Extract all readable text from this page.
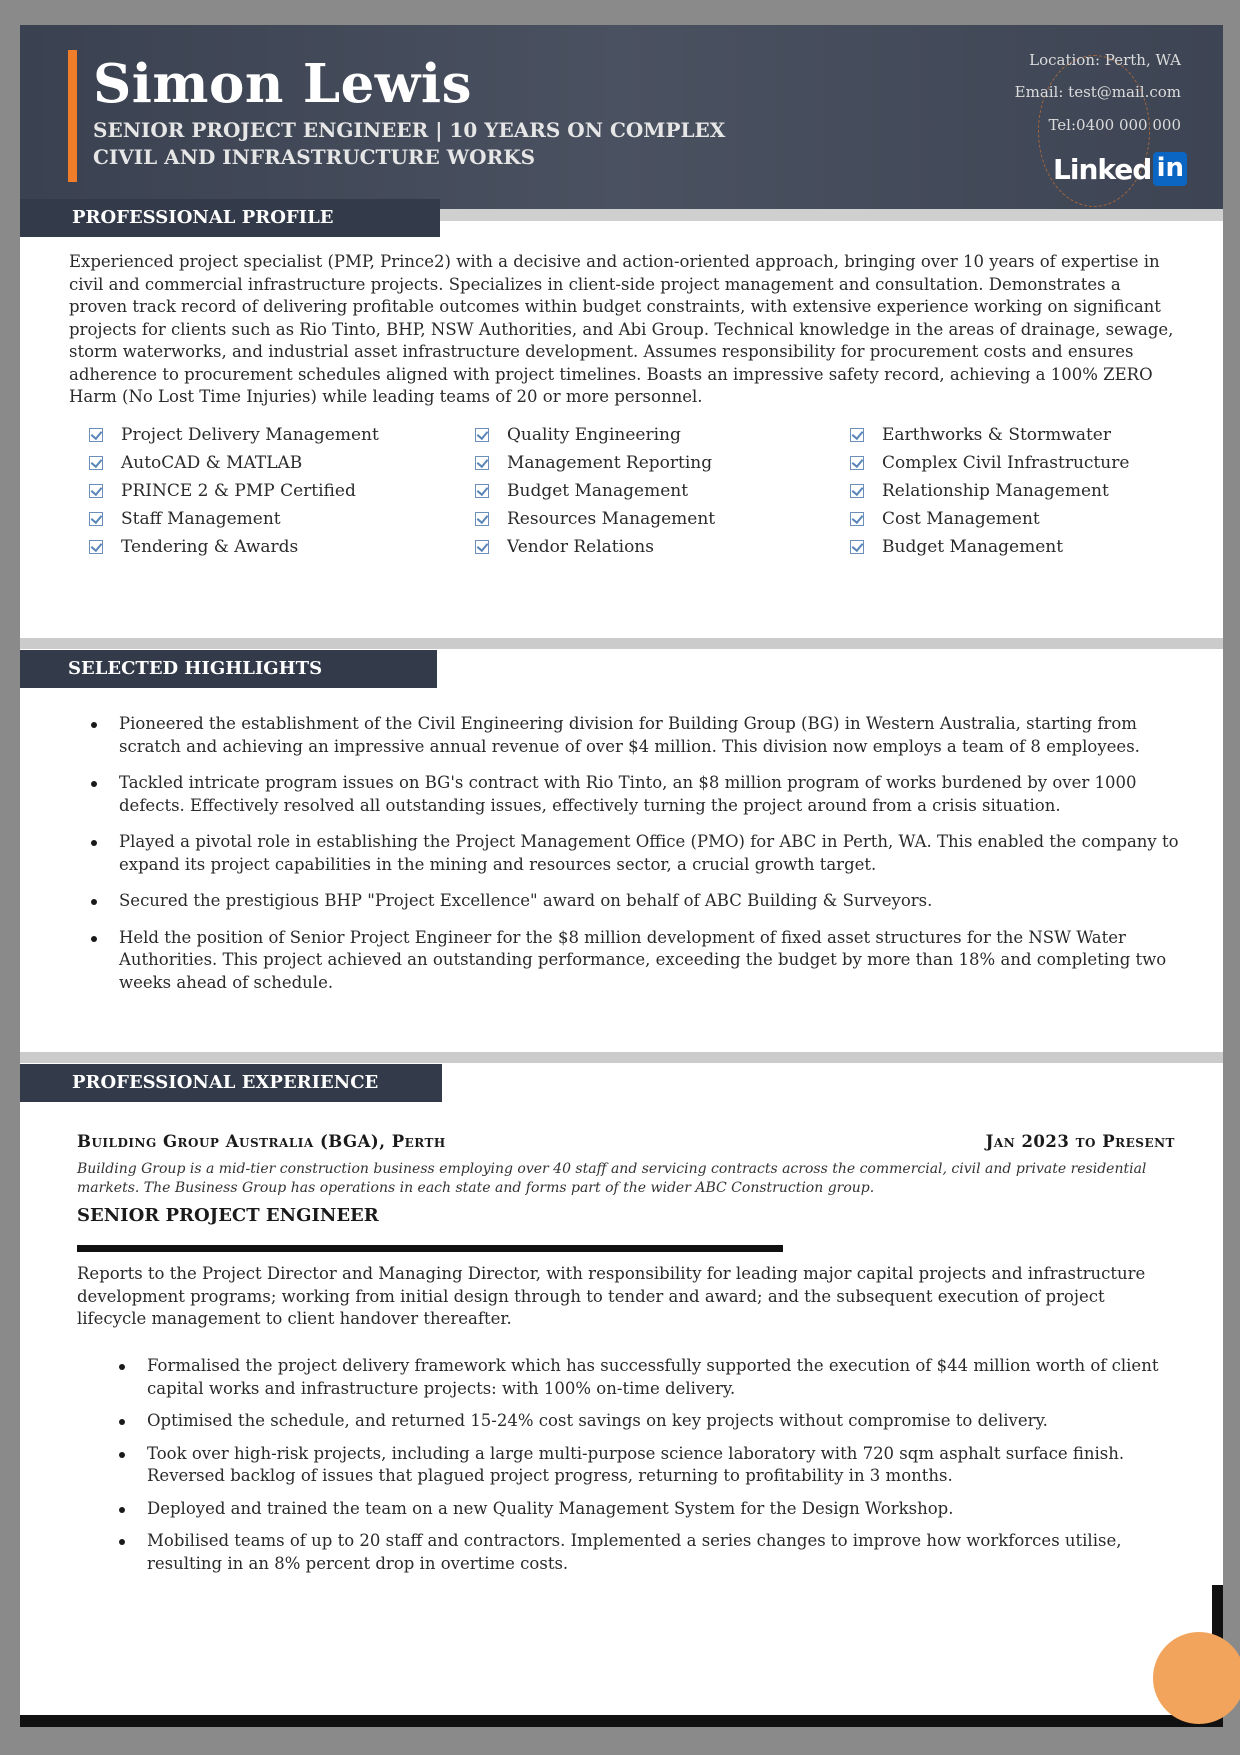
Simon Lewis
SENIOR PROJECT ENGINEER | 10 YEARS ON COMPLEX CIVIL AND INFRASTRUCTURE WORKS
Location: Perth, WA
Email: test@mail.com
Tel:0400 000 000
Linked in
PROFESSIONAL PROFILE
Experienced project specialist (PMP, Prince2) with a decisive and action-oriented approach, bringing over 10 years of expertise in civil and commercial infrastructure projects. Specializes in client-side project management and consultation. Demonstrates a proven track record of delivering profitable outcomes within budget constraints, with extensive experience working on significant projects for clients such as Rio Tinto, BHP, NSW Authorities, and Abi Group. Technical knowledge in the areas of drainage, sewage, storm waterworks, and industrial asset infrastructure development. Assumes responsibility for procurement costs and ensures adherence to procurement schedules aligned with project timelines. Boasts an impressive safety record, achieving a 100% ZERO Harm (No Lost Time Injuries) while leading teams of 20 or more personnel.
Project Delivery Management	Quality Engineering	Earthworks & Stormwater
AutoCAD & MATLAB	Management Reporting	Complex Civil Infrastructure
PRINCE 2 & PMP Certified	Budget Management	Relationship Management
Staff Management	Resources Management	Cost Management
Tendering & Awards	Vendor Relations	Budget Management
SELECTED HIGHLIGHTS
Pioneered the establishment of the Civil Engineering division for Building Group (BG) in Western Australia, starting from scratch and achieving an impressive annual revenue of over $4 million. This division now employs a team of 8 employees.
Tackled intricate program issues on BG's contract with Rio Tinto, an $8 million program of works burdened by over 1000 defects. Effectively resolved all outstanding issues, effectively turning the project around from a crisis situation.
Played a pivotal role in establishing the Project Management Office (PMO) for ABC in Perth, WA. This enabled the company to expand its project capabilities in the mining and resources sector, a crucial growth target.
Secured the prestigious BHP "Project Excellence" award on behalf of ABC Building & Surveyors.
Held the position of Senior Project Engineer for the $8 million development of fixed asset structures for the NSW Water Authorities. This project achieved an outstanding performance, exceeding the budget by more than 18% and completing two weeks ahead of schedule.
PROFESSIONAL EXPERIENCE
Building Group Australia (BGA), Perth	Jan 2023 to Present
Building Group is a mid-tier construction business employing over 40 staff and servicing contracts across the commercial, civil and private residential markets. The Business Group has operations in each state and forms part of the wider ABC Construction group.
SENIOR PROJECT ENGINEER
Reports to the Project Director and Managing Director, with responsibility for leading major capital projects and infrastructure development programs; working from initial design through to tender and award; and the subsequent execution of project lifecycle management to client handover thereafter.
Formalised the project delivery framework which has successfully supported the execution of $44 million worth of client capital works and infrastructure projects: with 100% on-time delivery.
Optimised the schedule, and returned 15-24% cost savings on key projects without compromise to delivery.
Took over high-risk projects, including a large multi-purpose science laboratory with 720 sqm asphalt surface finish. Reversed backlog of issues that plagued project progress, returning to profitability in 3 months.
Deployed and trained the team on a new Quality Management System for the Design Workshop.
Mobilised teams of up to 20 staff and contractors. Implemented a series changes to improve how workforces utilise, resulting in an 8% percent drop in overtime costs.
